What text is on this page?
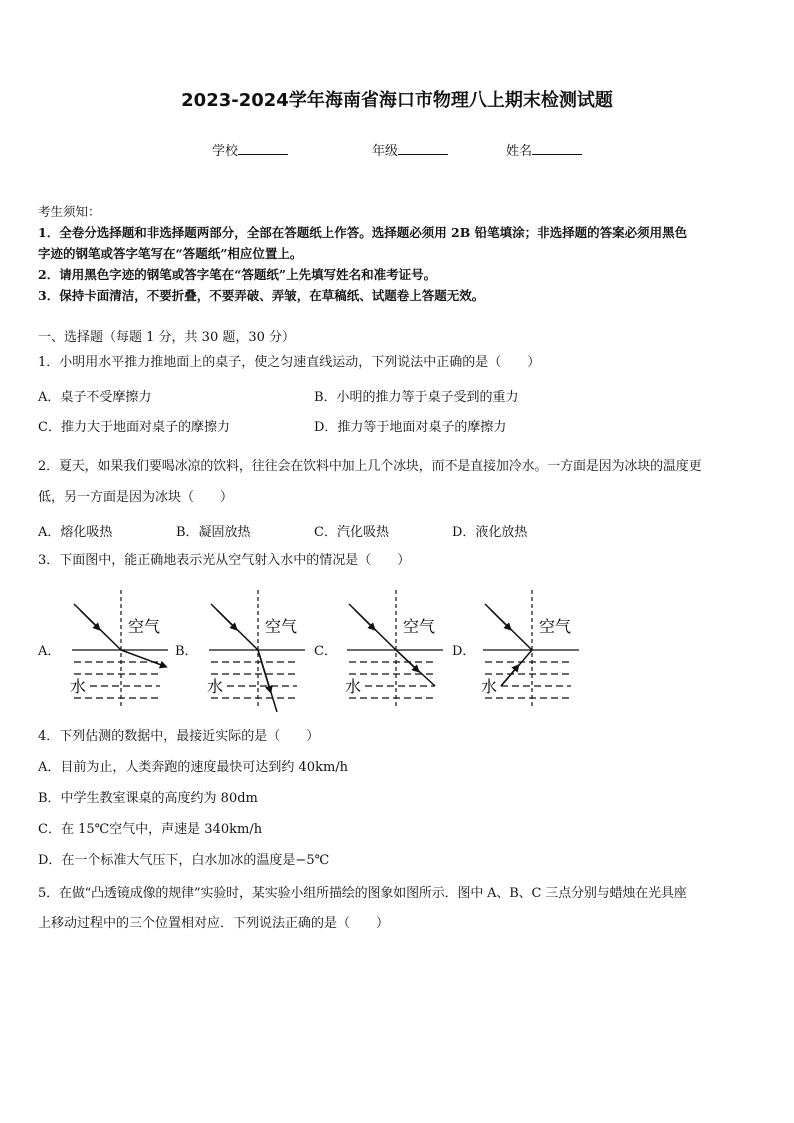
2023-2024学年海南省海口市物理八上期末检测试题
学校	年级	姓名
考生须知：
1．全卷分选择题和非选择题两部分，全部在答题纸上作答。选择题必须用 2B 铅笔填涂；非选择题的答案必须用黑色
字迹的钢笔或答字笔写在“答题纸”相应位置上。
2．请用黑色字迹的钢笔或答字笔在“答题纸”上先填写姓名和准考证号。
3．保持卡面清洁，不要折叠，不要弄破、弄皱，在草稿纸、试题卷上答题无效。
一、选择题（每题 1 分，共 30 题，30 分）
1．小明用水平推力推地面上的桌子，使之匀速直线运动，下列说法中正确的是（　　）
A．桌子不受摩擦力	B．小明的推力等于桌子受到的重力
C．推力大于地面对桌子的摩擦力	D．推力等于地面对桌子的摩擦力
2．夏天，如果我们要喝冰凉的饮料，往往会在饮料中加上几个冰块，而不是直接加冷水。一方面是因为冰块的温度更
低，另一方面是因为冰块（　　）
A．熔化吸热	B．凝固放热	C．汽化吸热	D．液化放热
3．下面图中，能正确地表示光从空气射入水中的情况是（　　）
A．	B．	C．	D．
空气
水
空气
水
空气
水
空气
水
4．下列估测的数据中，最接近实际的是（　　）
A．目前为止，人类奔跑的速度最快可达到约 40km/h
B．中学生教室课桌的高度约为 80dm
C．在 15℃空气中，声速是 340km/h
D．在一个标准大气压下，白水加冰的温度是−5℃
5．在做“凸透镜成像的规律”实验时，某实验小组所描绘的图象如图所示．图中 A、B、C 三点分别与蜡烛在光具座
上移动过程中的三个位置相对应．下列说法正确的是（　　）
